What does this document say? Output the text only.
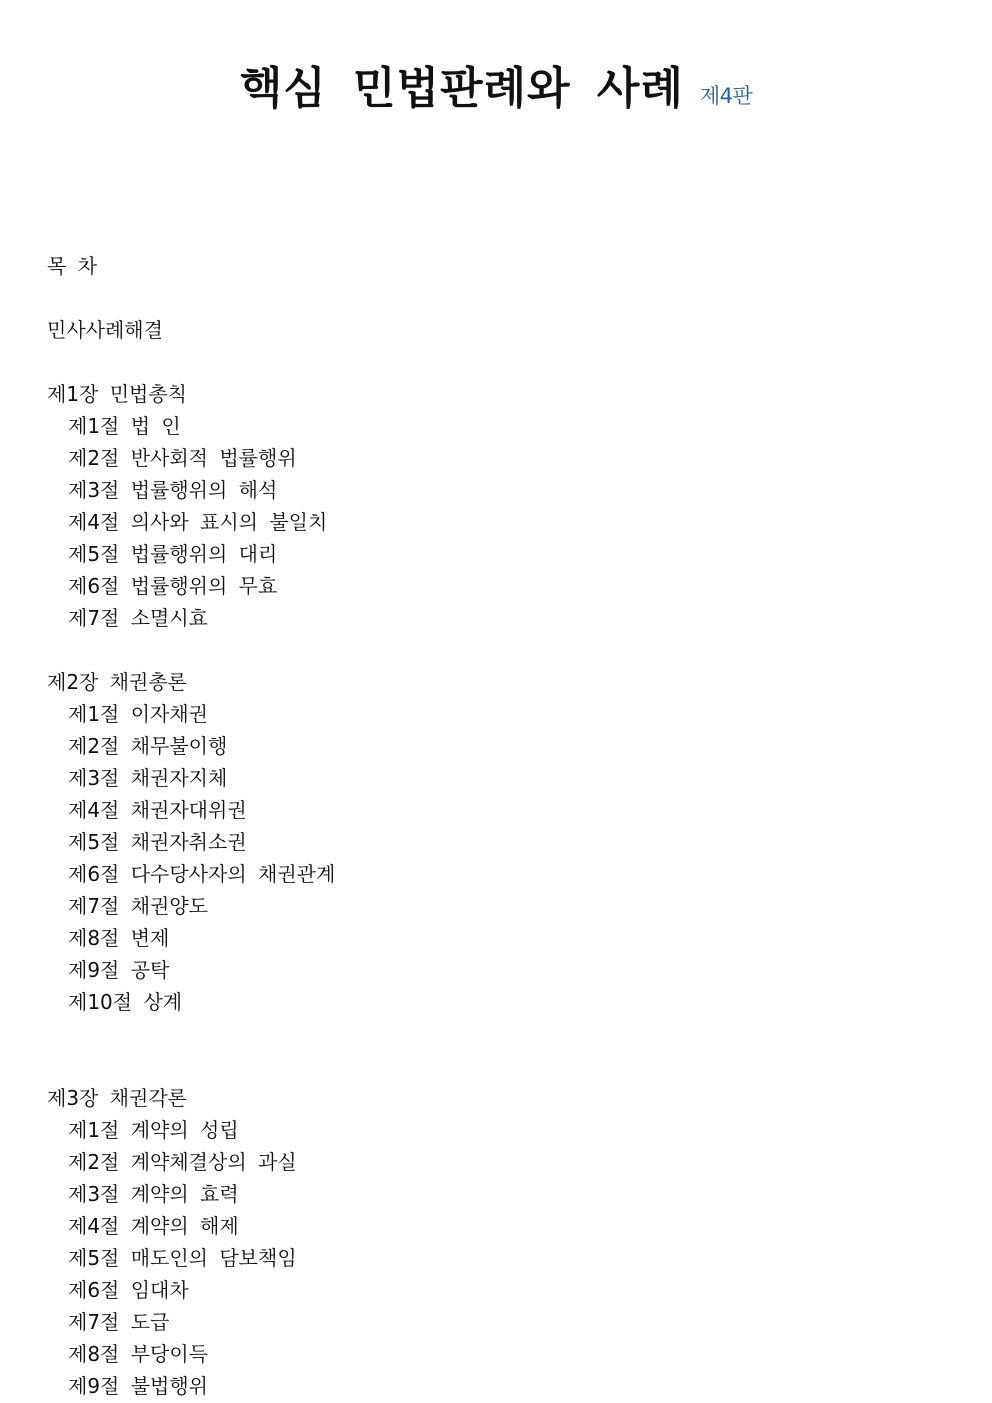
핵심 민법판례와 사례 제4판
목 차
민사사례해결
제1장 민법총칙
제1절 법 인
제2절 반사회적 법률행위
제3절 법률행위의 해석
제4절 의사와 표시의 불일치
제5절 법률행위의 대리
제6절 법률행위의 무효
제7절 소멸시효
제2장 채권총론
제1절 이자채권
제2절 채무불이행
제3절 채권자지체
제4절 채권자대위권
제5절 채권자취소권
제6절 다수당사자의 채권관계
제7절 채권양도
제8절 변제
제9절 공탁
제10절 상계
제3장 채권각론
제1절 계약의 성립
제2절 계약체결상의 과실
제3절 계약의 효력
제4절 계약의 해제
제5절 매도인의 담보책임
제6절 임대차
제7절 도급
제8절 부당이득
제9절 불법행위
